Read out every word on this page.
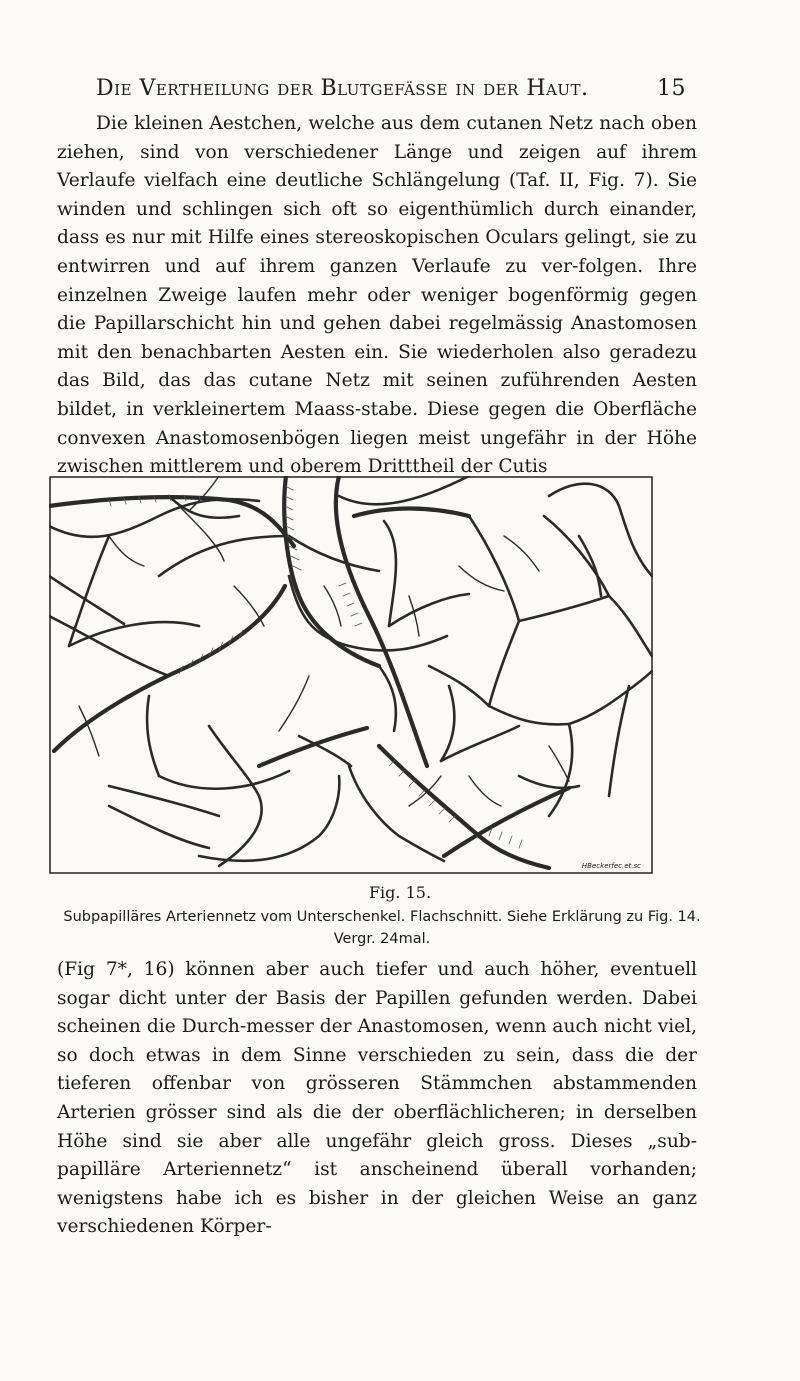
Die Vertheilung der Blutgefässe in der Haut.	15
Die kleinen Aestchen, welche aus dem cutanen Netz nach oben ziehen, sind von verschiedener Länge und zeigen auf ihrem Verlaufe vielfach eine deutliche Schlängelung (Taf. II, Fig. 7). Sie winden und schlingen sich oft so eigenthümlich durch einander, dass es nur mit Hilfe eines stereoskopischen Oculars gelingt, sie zu entwirren und auf ihrem ganzen Verlaufe zu ver-folgen. Ihre einzelnen Zweige laufen mehr oder weniger bogenförmig gegen die Papillarschicht hin und gehen dabei regelmässig Anastomosen mit den benachbarten Aesten ein. Sie wiederholen also geradezu das Bild, das das cutane Netz mit seinen zuführenden Aesten bildet, in verkleinertem Maass-stabe. Diese gegen die Oberfläche convexen Anastomosenbögen liegen meist ungefähr in der Höhe zwischen mittlerem und oberem Dritttheil der Cutis
HBeckerfec.et.sc
Fig. 15.
Subpapilläres Arteriennetz vom Unterschenkel. Flachschnitt. Siehe Erklärung zu Fig. 14.
Vergr. 24mal.
(Fig 7*, 16) können aber auch tiefer und auch höher, eventuell sogar dicht unter der Basis der Papillen gefunden werden. Dabei scheinen die Durch-messer der Anastomosen, wenn auch nicht viel, so doch etwas in dem Sinne verschieden zu sein, dass die der tieferen offenbar von grösseren Stämmchen abstammenden Arterien grösser sind als die der oberflächlicheren; in derselben Höhe sind sie aber alle ungefähr gleich gross. Dieses „sub-papilläre Arteriennetz“ ist anscheinend überall vorhanden; wenigstens habe ich es bisher in der gleichen Weise an ganz verschiedenen Körper-
